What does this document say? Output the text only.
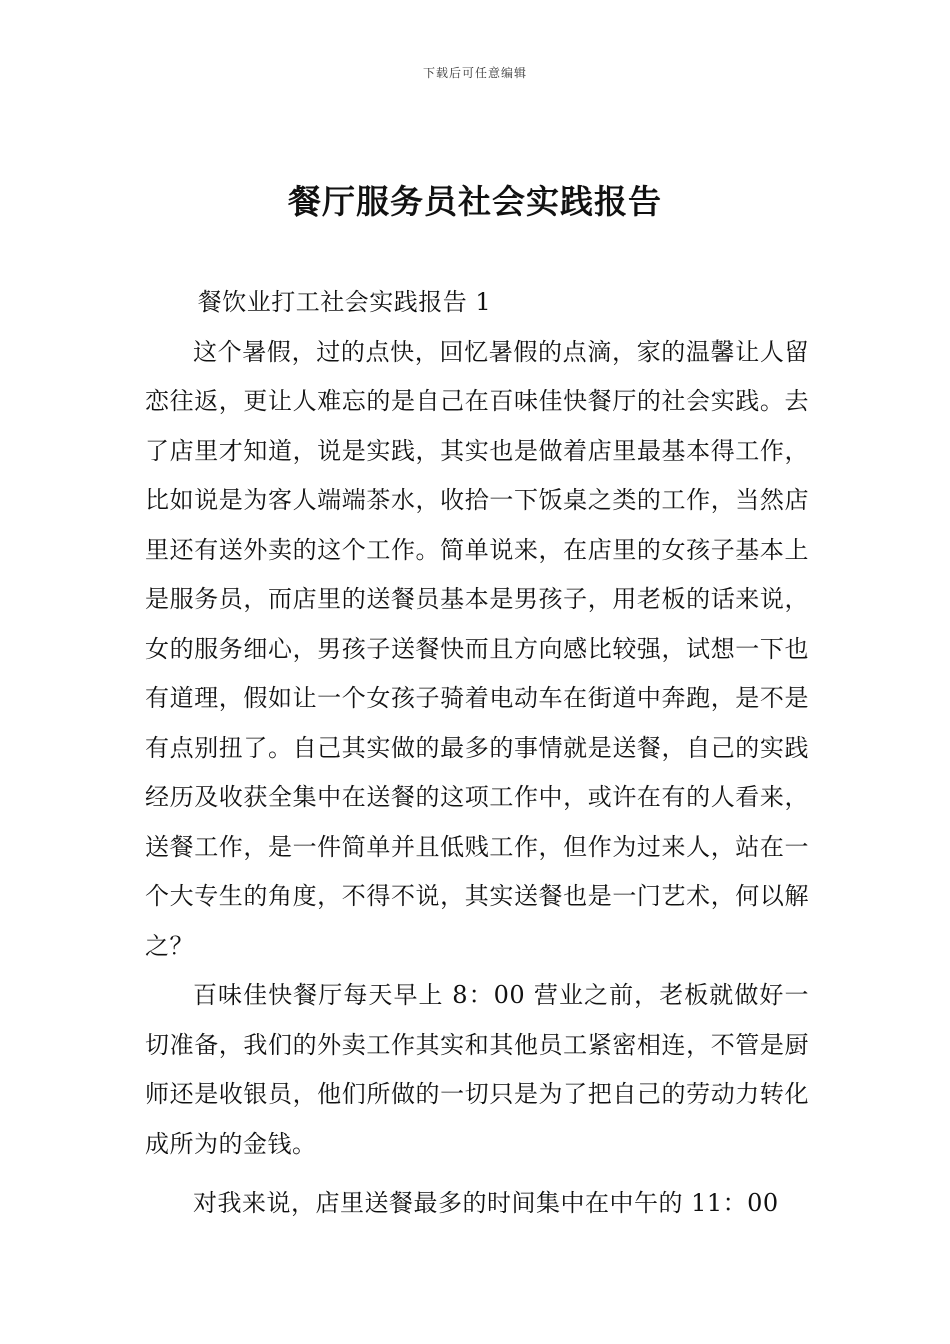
下载后可任意编辑
餐厅服务员社会实践报告

餐饮业打工社会实践报告 1

这个暑假，过的点快，回忆暑假的点滴，家的温馨让人留恋往返，更让人难忘的是自己在百味佳快餐厅的社会实践。去了店里才知道，说是实践，其实也是做着店里最基本得工作，比如说是为客人端端茶水，收拾一下饭桌之类的工作，当然店里还有送外卖的这个工作。简单说来，在店里的女孩子基本上是服务员，而店里的送餐员基本是男孩子，用老板的话来说，女的服务细心，男孩子送餐快而且方向感比较强，试想一下也有道理，假如让一个女孩子骑着电动车在街道中奔跑，是不是有点别扭了。自己其实做的最多的事情就是送餐，自己的实践经历及收获全集中在送餐的这项工作中，或许在有的人看来，送餐工作，是一件简单并且低贱工作，但作为过来人，站在一个大专生的角度，不得不说，其实送餐也是一门艺术，何以解之？

百味佳快餐厅每天早上 8：00 营业之前，老板就做好一切准备，我们的外卖工作其实和其他员工紧密相连，不管是厨师还是收银员，他们所做的一切只是为了把自己的劳动力转化成所为的金钱。

对我来说，店里送餐最多的时间集中在中午的 11：00
